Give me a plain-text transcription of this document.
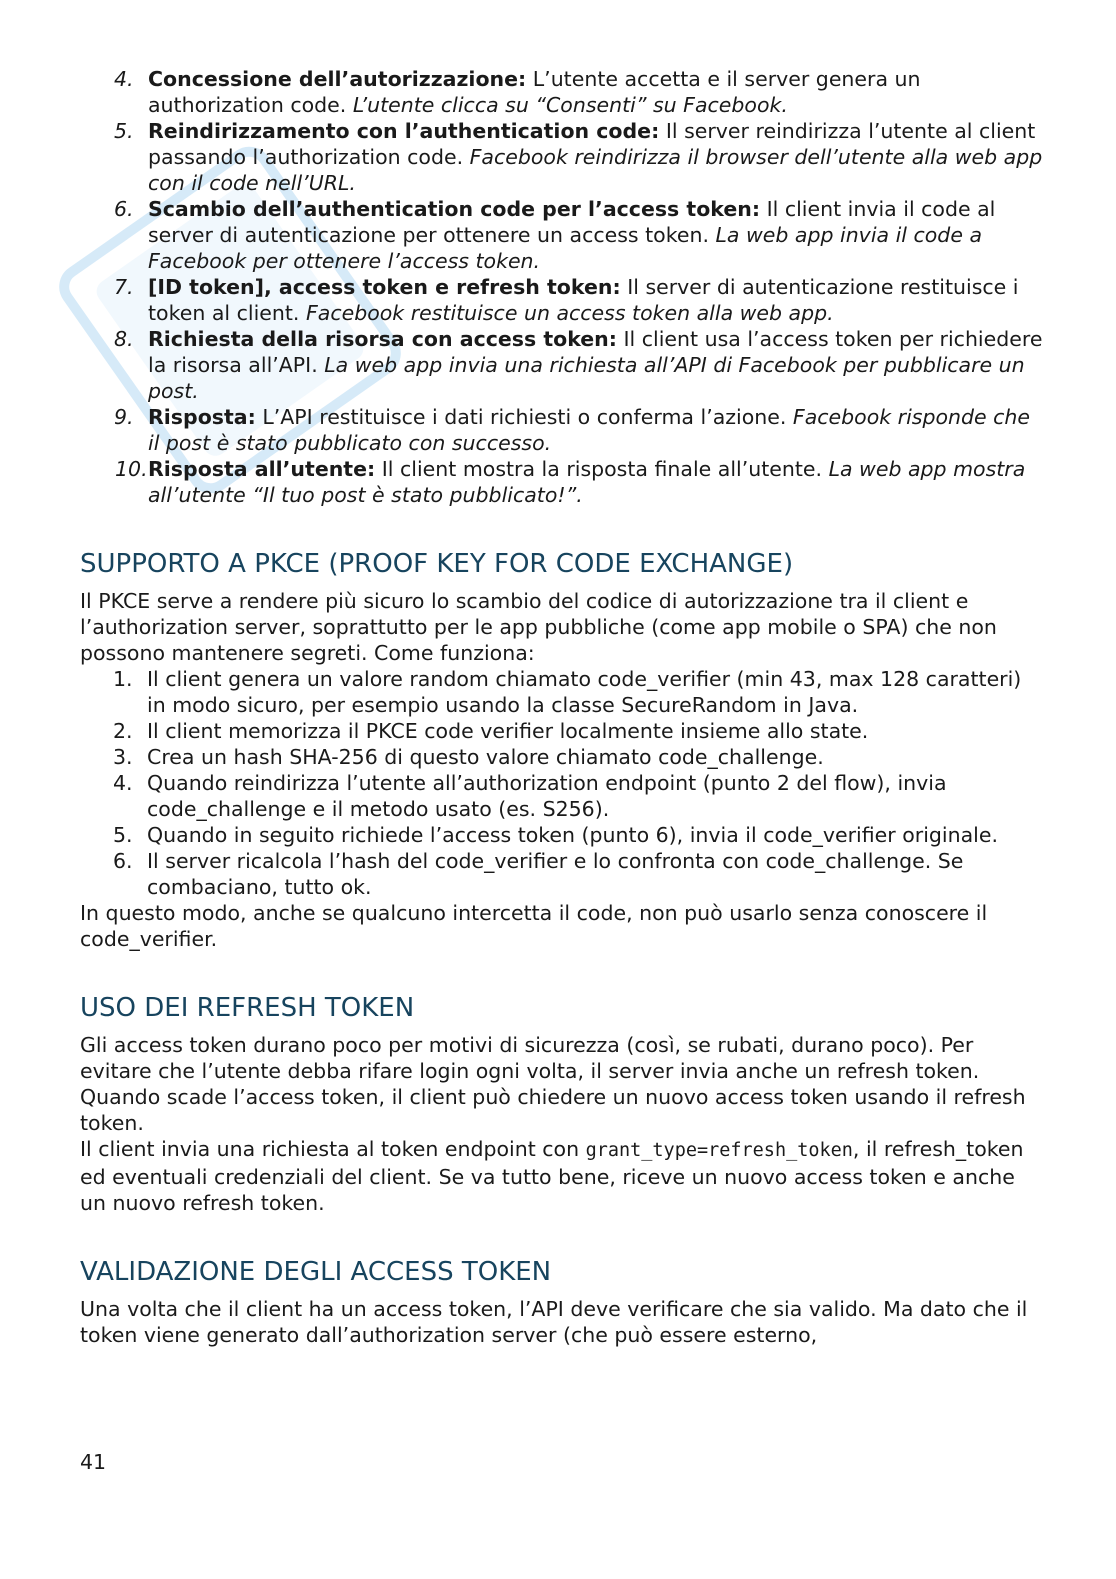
4. Concessione dell’autorizzazione: L’utente accetta e il server genera un authorization code. L’utente clicca su “Consenti” su Facebook.
5. Reindirizzamento con l’authentication code: Il server reindirizza l’utente al client passando l’authorization code. Facebook reindirizza il browser dell’utente alla web app con il code nell’URL.
6. Scambio dell’authentication code per l’access token: Il client invia il code al server di autenticazione per ottenere un access token. La web app invia il code a Facebook per ottenere l’access token.
7. [ID token], access token e refresh token: Il server di autenticazione restituisce i token al client. Facebook restituisce un access token alla web app.
8. Richiesta della risorsa con access token: Il client usa l’access token per richiedere la risorsa all’API. La web app invia una richiesta all’API di Facebook per pubblicare un post.
9. Risposta: L’API restituisce i dati richiesti o conferma l’azione. Facebook risponde che il post è stato pubblicato con successo.
10. Risposta all’utente: Il client mostra la risposta finale all’utente. La web app mostra all’utente “Il tuo post è stato pubblicato!”.
SUPPORTO A PKCE (PROOF KEY FOR CODE EXCHANGE)

Il PKCE serve a rendere più sicuro lo scambio del codice di autorizzazione tra il client e l’authorization server, soprattutto per le app pubbliche (come app mobile o SPA) che non possono mantenere segreti. Come funziona:

1. Il client genera un valore random chiamato code_verifier (min 43, max 128 caratteri) in modo sicuro, per esempio usando la classe SecureRandom in Java.
2. Il client memorizza il PKCE code verifier localmente insieme allo state.
3. Crea un hash SHA-256 di questo valore chiamato code_challenge.
4. Quando reindirizza l’utente all’authorization endpoint (punto 2 del flow), invia code_challenge e il metodo usato (es. S256).
5. Quando in seguito richiede l’access token (punto 6), invia il code_verifier originale.
6. Il server ricalcola l’hash del code_verifier e lo confronta con code_challenge. Se combaciano, tutto ok.

In questo modo, anche se qualcuno intercetta il code, non può usarlo senza conoscere il code_verifier.

USO DEI REFRESH TOKEN

Gli access token durano poco per motivi di sicurezza (così, se rubati, durano poco). Per evitare che l’utente debba rifare login ogni volta, il server invia anche un refresh token.

Quando scade l’access token, il client può chiedere un nuovo access token usando il refresh token.

Il client invia una richiesta al token endpoint con grant_type=refresh_token, il refresh_token ed eventuali credenziali del client. Se va tutto bene, riceve un nuovo access token e anche un nuovo refresh token.

VALIDAZIONE DEGLI ACCESS TOKEN

Una volta che il client ha un access token, l’API deve verificare che sia valido. Ma dato che il token viene generato dall’authorization server (che può essere esterno,

41
